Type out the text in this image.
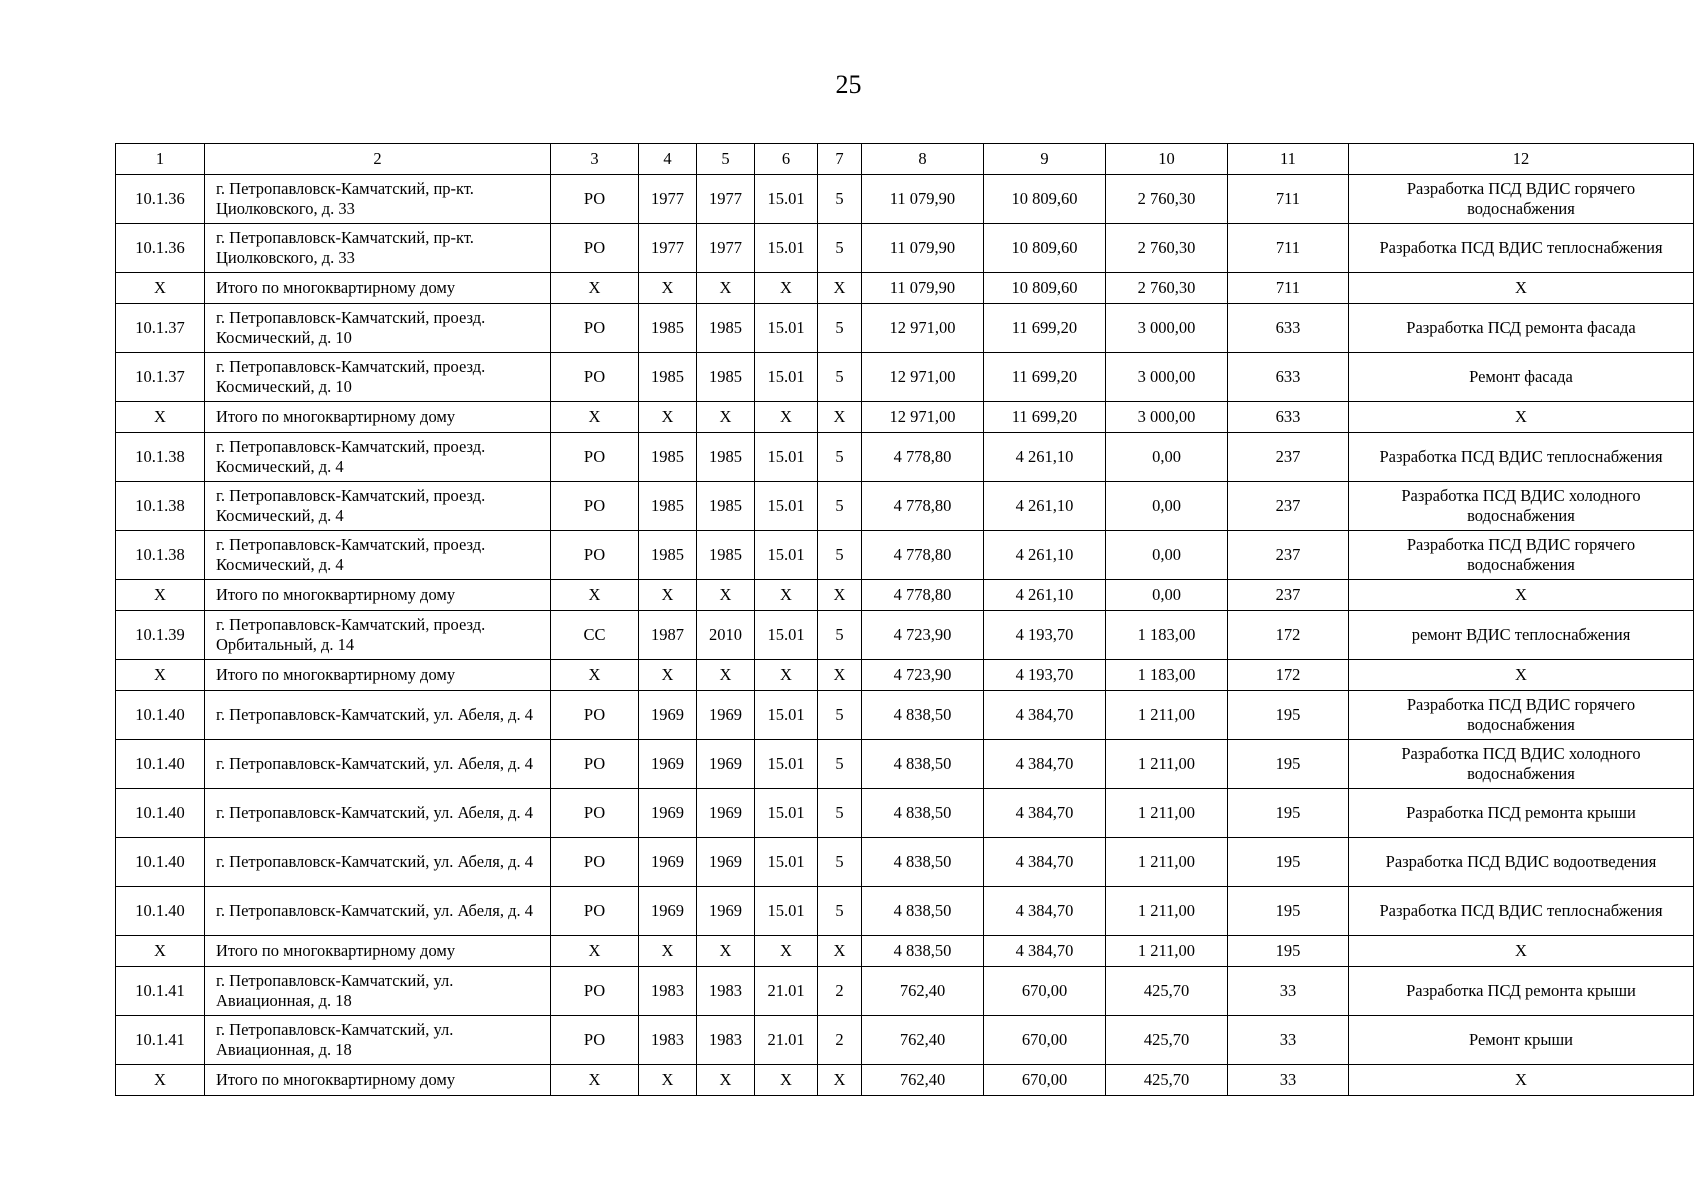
25
1	2	3	4	5	6	7	8	9	10	11	12
10.1.36	г. Петропавловск-Камчатский, пр-кт. Циолковского, д. 33	РО	1977	1977	15.01	5	11 079,90	10 809,60	2 760,30	711	Разработка ПСД ВДИС горячего водоснабжения
10.1.36	г. Петропавловск-Камчатский, пр-кт. Циолковского, д. 33	РО	1977	1977	15.01	5	11 079,90	10 809,60	2 760,30	711	Разработка ПСД ВДИС теплоснабжения
Х	Итого по многоквартирному дому	Х	Х	Х	Х	Х	11 079,90	10 809,60	2 760,30	711	Х
10.1.37	г. Петропавловск-Камчатский, проезд. Космический, д. 10	РО	1985	1985	15.01	5	12 971,00	11 699,20	3 000,00	633	Разработка ПСД ремонта фасада
10.1.37	г. Петропавловск-Камчатский, проезд. Космический, д. 10	РО	1985	1985	15.01	5	12 971,00	11 699,20	3 000,00	633	Ремонт фасада
Х	Итого по многоквартирному дому	Х	Х	Х	Х	Х	12 971,00	11 699,20	3 000,00	633	Х
10.1.38	г. Петропавловск-Камчатский, проезд. Космический, д. 4	РО	1985	1985	15.01	5	4 778,80	4 261,10	0,00	237	Разработка ПСД ВДИС теплоснабжения
10.1.38	г. Петропавловск-Камчатский, проезд. Космический, д. 4	РО	1985	1985	15.01	5	4 778,80	4 261,10	0,00	237	Разработка ПСД ВДИС холодного водоснабжения
10.1.38	г. Петропавловск-Камчатский, проезд. Космический, д. 4	РО	1985	1985	15.01	5	4 778,80	4 261,10	0,00	237	Разработка ПСД ВДИС горячего водоснабжения
Х	Итого по многоквартирному дому	Х	Х	Х	Х	Х	4 778,80	4 261,10	0,00	237	Х
10.1.39	г. Петропавловск-Камчатский, проезд. Орбитальный, д. 14	СС	1987	2010	15.01	5	4 723,90	4 193,70	1 183,00	172	ремонт ВДИС теплоснабжения
Х	Итого по многоквартирному дому	Х	Х	Х	Х	Х	4 723,90	4 193,70	1 183,00	172	Х
10.1.40	г. Петропавловск-Камчатский, ул. Абеля, д. 4	РО	1969	1969	15.01	5	4 838,50	4 384,70	1 211,00	195	Разработка ПСД ВДИС горячего водоснабжения
10.1.40	г. Петропавловск-Камчатский, ул. Абеля, д. 4	РО	1969	1969	15.01	5	4 838,50	4 384,70	1 211,00	195	Разработка ПСД ВДИС холодного водоснабжения
10.1.40	г. Петропавловск-Камчатский, ул. Абеля, д. 4	РО	1969	1969	15.01	5	4 838,50	4 384,70	1 211,00	195	Разработка ПСД ремонта крыши
10.1.40	г. Петропавловск-Камчатский, ул. Абеля, д. 4	РО	1969	1969	15.01	5	4 838,50	4 384,70	1 211,00	195	Разработка ПСД ВДИС водоотведения
10.1.40	г. Петропавловск-Камчатский, ул. Абеля, д. 4	РО	1969	1969	15.01	5	4 838,50	4 384,70	1 211,00	195	Разработка ПСД ВДИС теплоснабжения
Х	Итого по многоквартирному дому	Х	Х	Х	Х	Х	4 838,50	4 384,70	1 211,00	195	Х
10.1.41	г. Петропавловск-Камчатский, ул. Авиационная, д. 18	РО	1983	1983	21.01	2	762,40	670,00	425,70	33	Разработка ПСД ремонта крыши
10.1.41	г. Петропавловск-Камчатский, ул. Авиационная, д. 18	РО	1983	1983	21.01	2	762,40	670,00	425,70	33	Ремонт крыши
Х	Итого по многоквартирному дому	Х	Х	Х	Х	Х	762,40	670,00	425,70	33	Х
